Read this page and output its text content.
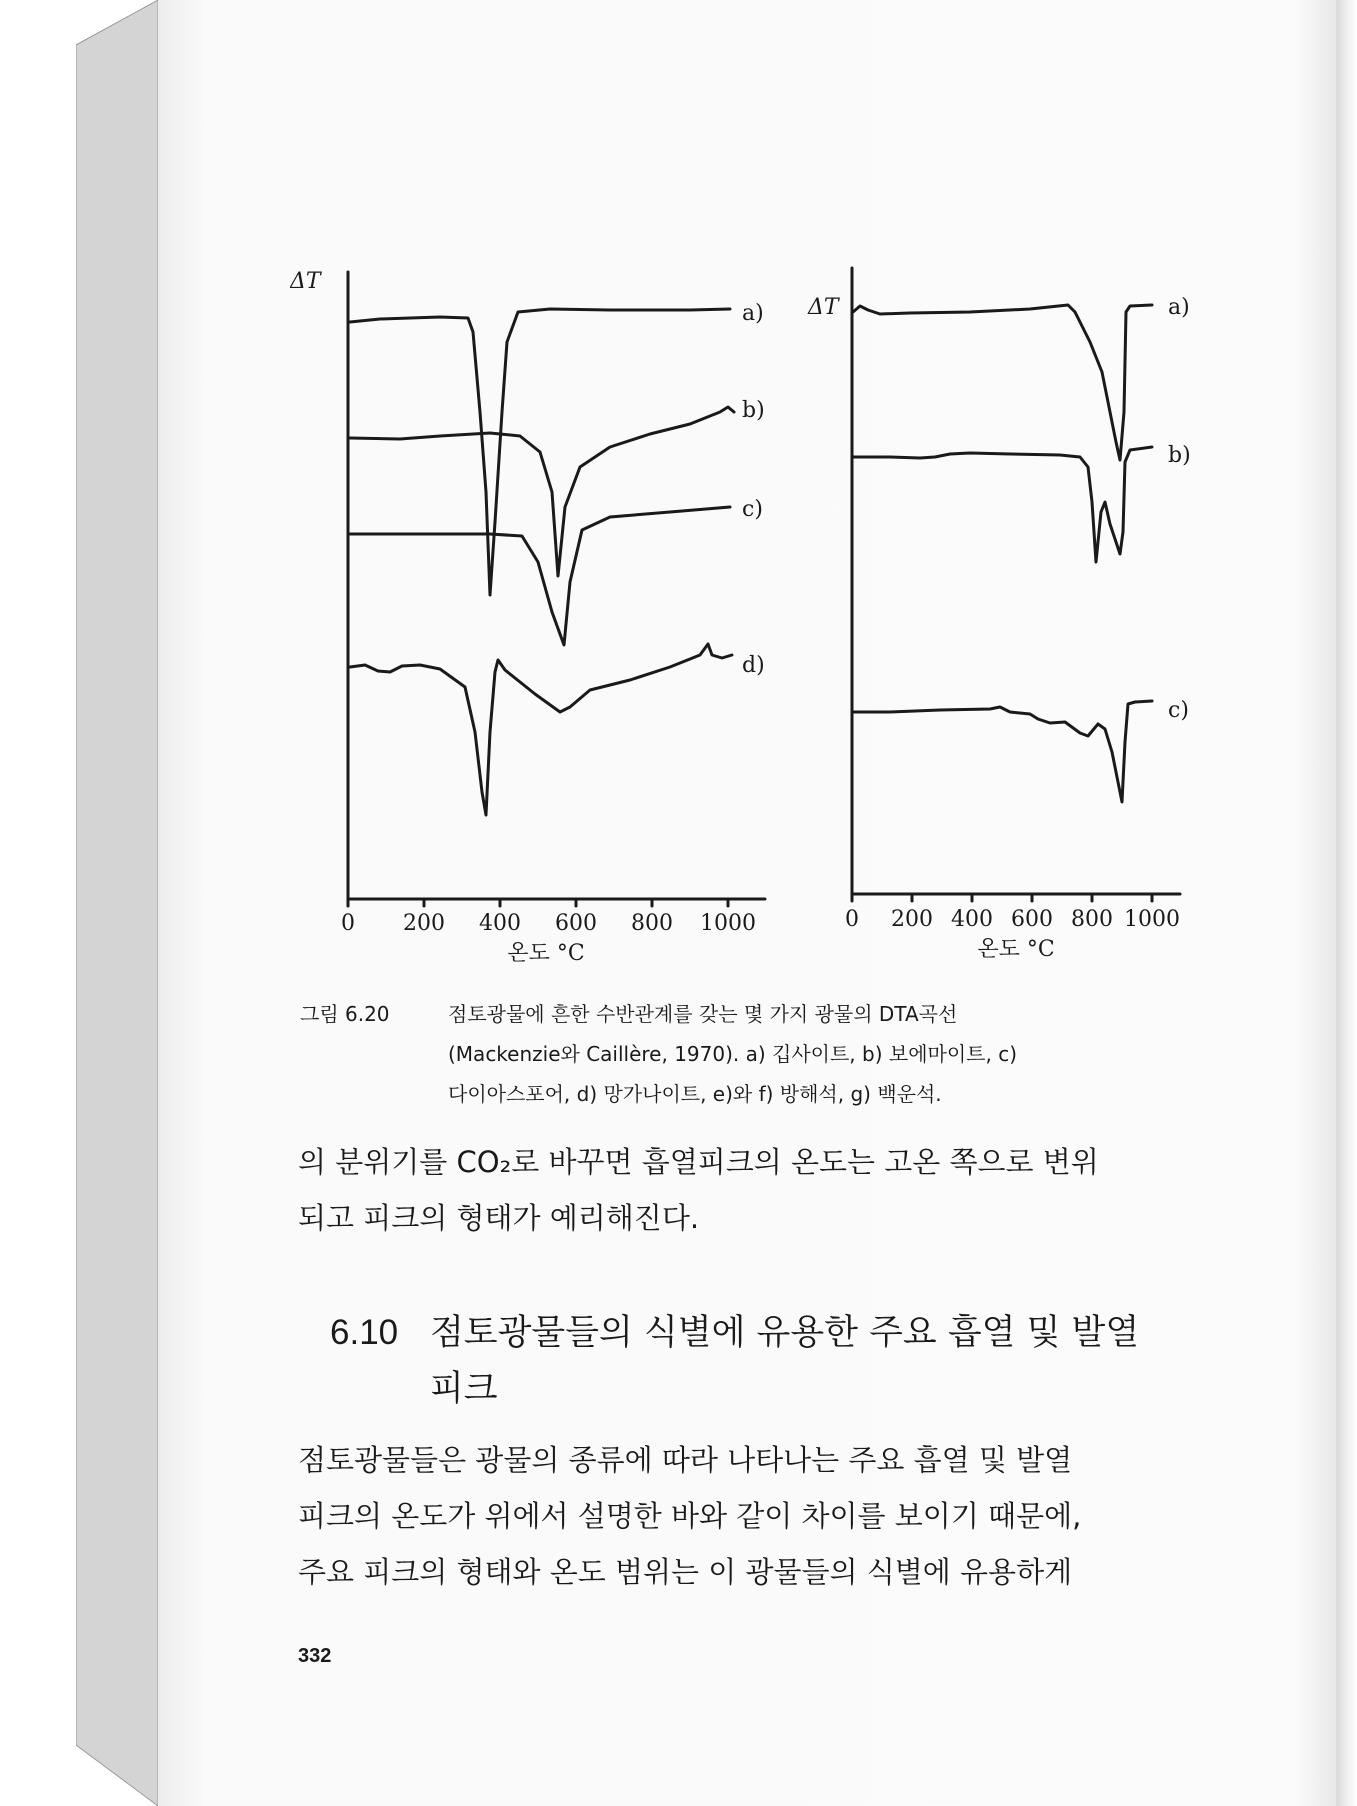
ΔT
a)
b)
c)
d)
0 200 400 600 800 1000
온도 °C
ΔT	a)
b)
c)
0 200 400 600 800 1000
온도 °C
그림 6.20	점토광물에 흔한 수반관계를 갖는 몇 가지 광물의 DTA곡선
(Mackenzie와 Caillère, 1970). a) 깁사이트, b) 보에마이트, c)
다이아스포어, d) 망가나이트, e)와 f) 방해석, g) 백운석.
의 분위기를 CO₂로 바꾸면 흡열피크의 온도는 고온 쪽으로 변위
되고 피크의 형태가 예리해진다.
6.10 점토광물들의 식별에 유용한 주요 흡열 및 발열
피크
점토광물들은 광물의 종류에 따라 나타나는 주요 흡열 및 발열
피크의 온도가 위에서 설명한 바와 같이 차이를 보이기 때문에,
주요 피크의 형태와 온도 범위는 이 광물들의 식별에 유용하게
332
